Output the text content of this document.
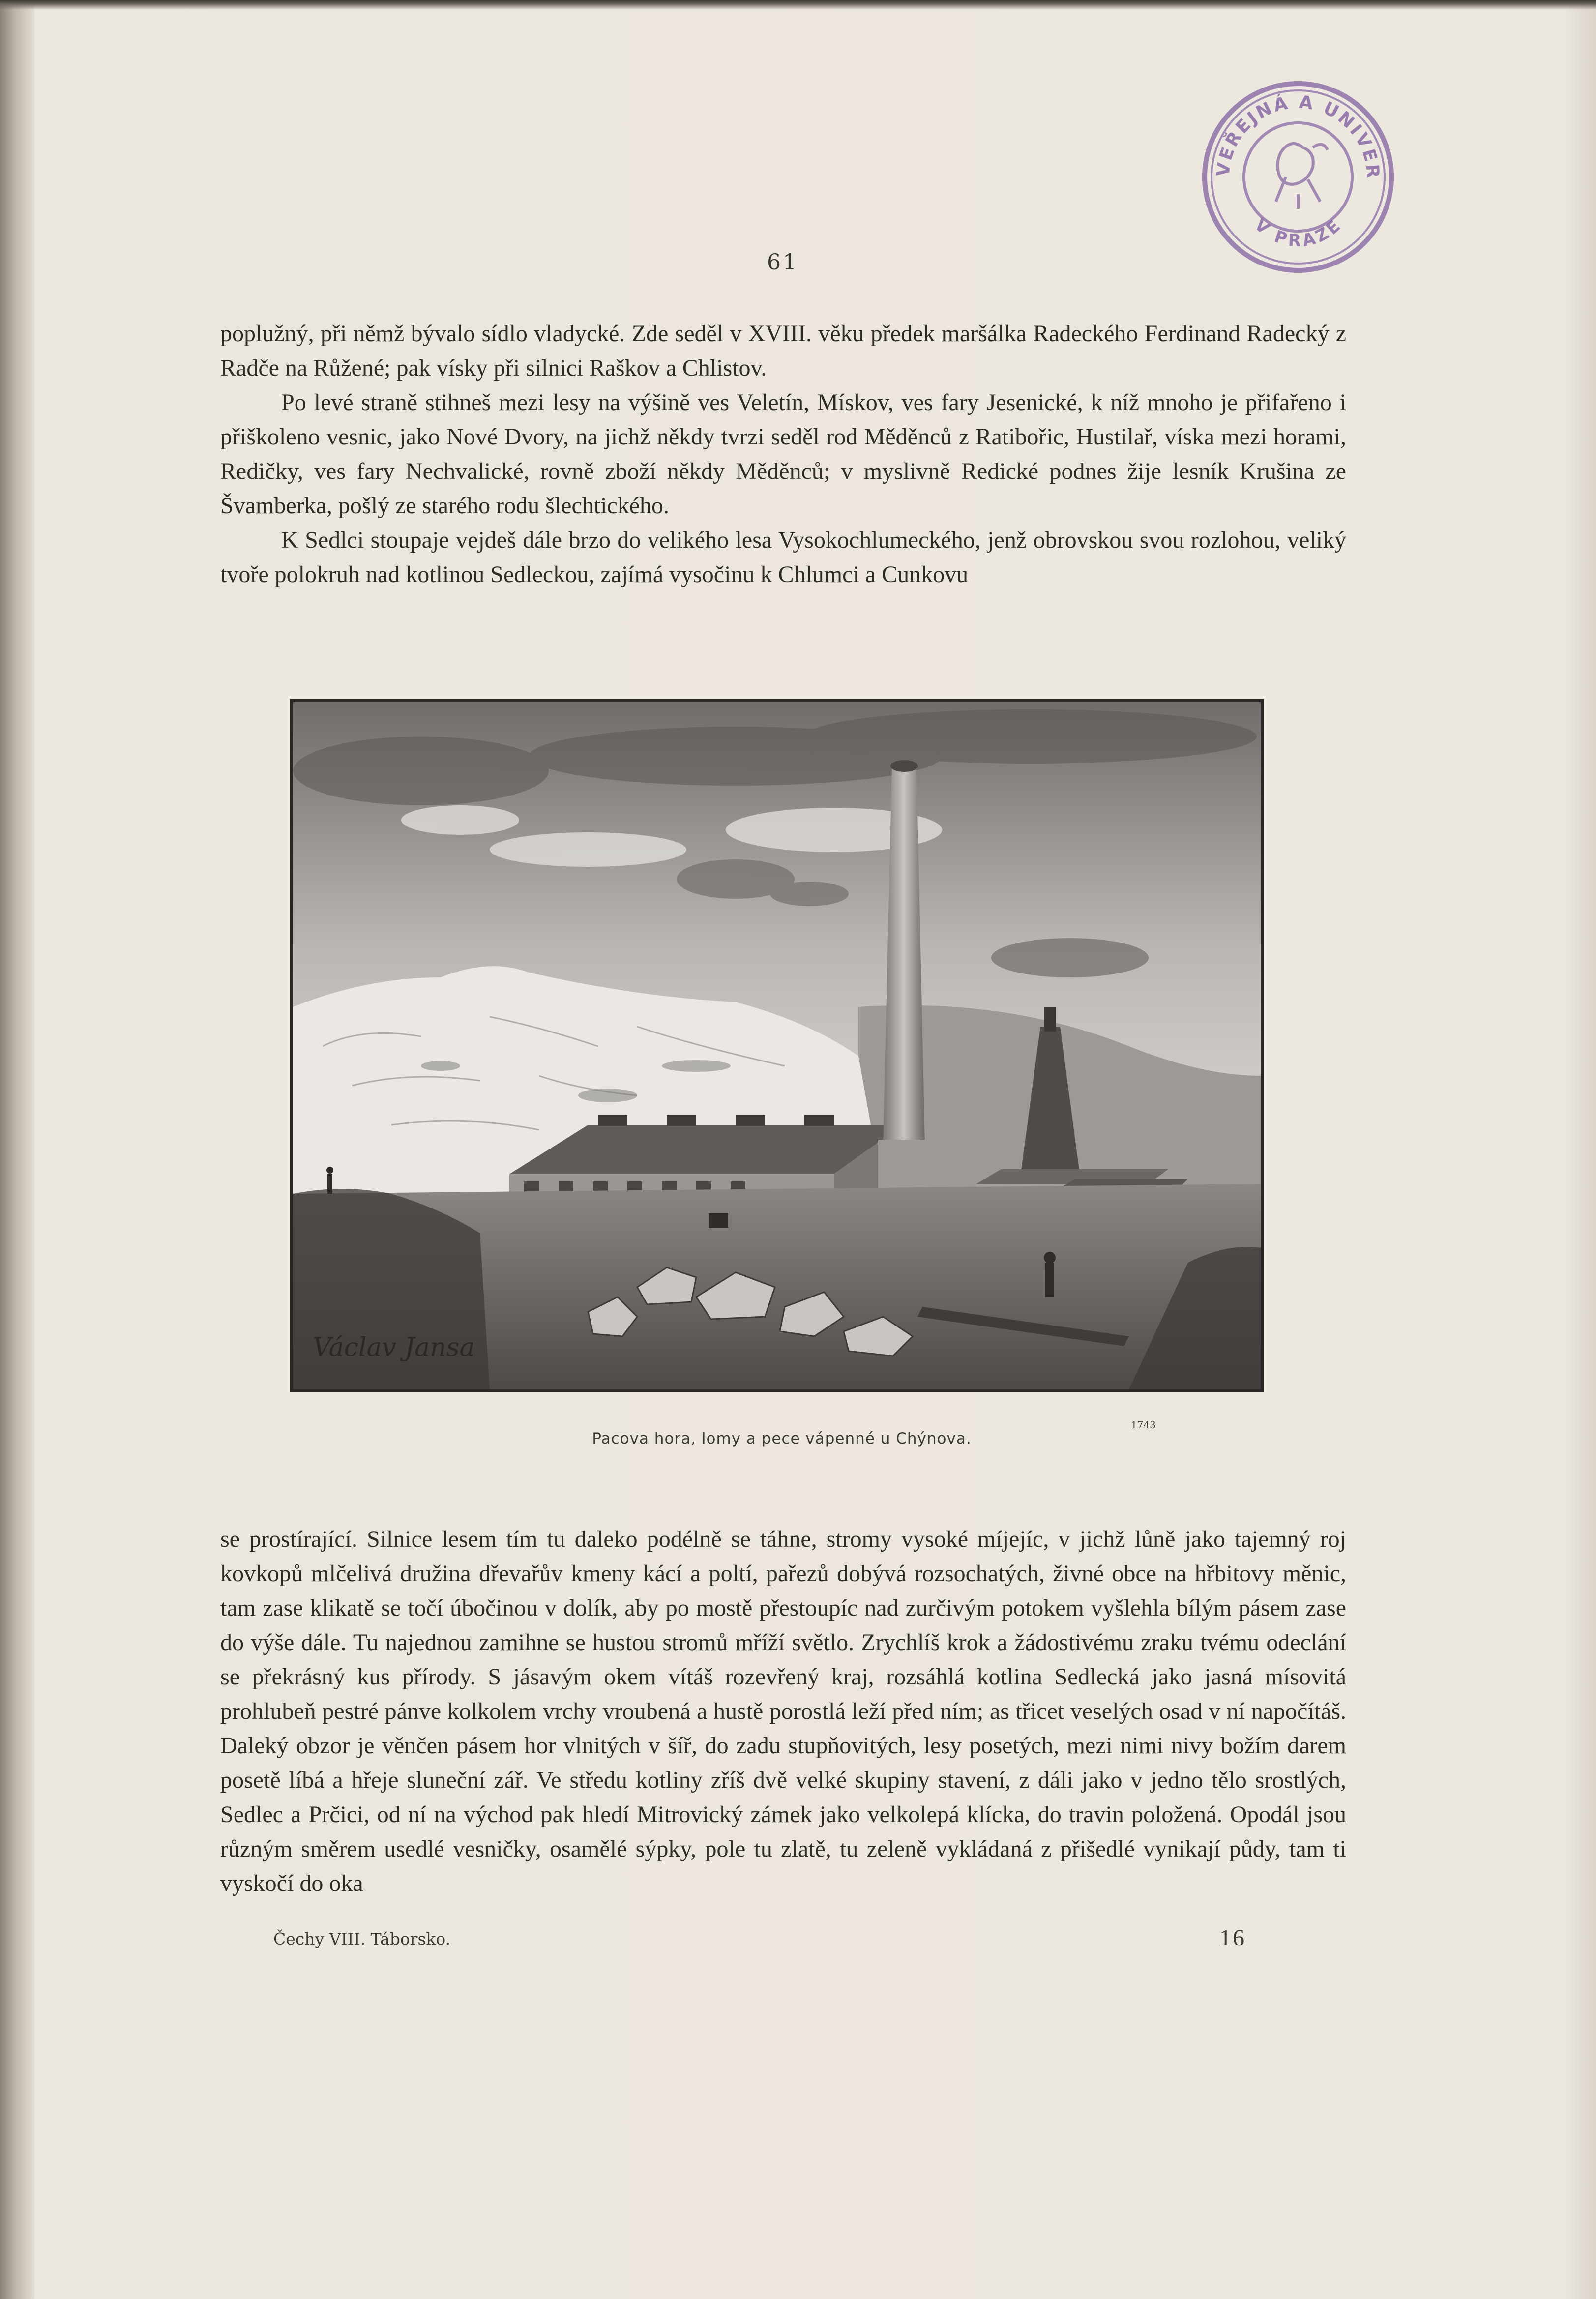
VEŘEJNÁ A UNIVER
V PRAZE
61

poplužný, při němž bývalo sídlo vladycké. Zde seděl v XVIII. věku předek maršálka Radeckého Ferdinand Radecký z Radče na Růžené; pak vísky při silnici Raškov a Chlistov.

Po levé straně stihneš mezi lesy na výšině ves Veletín, Mískov, ves fary Jesenické, k níž mnoho je přifařeno i přiškoleno vesnic, jako Nové Dvory, na jichž někdy tvrzi seděl rod Měděnců z Ratibořic, Hustilař, víska mezi horami, Redičky, ves fary Nechvalické, rovně zboží někdy Měděnců; v myslivně Redické podnes žije lesník Krušina ze Švamberka, pošlý ze starého rodu šlechtického.

K Sedlci stoupaje vejdeš dále brzo do velikého lesa Vysokochlumeckého, jenž obrovskou svou rozlohou, veliký tvoře polokruh nad kotlinou Sedleckou, zajímá vysočinu k Chlumci a Cunkovu

Václav Jansa
Pacova hora, lomy a pece vápenné u Chýnova.
1743

se prostírající. Silnice lesem tím tu daleko podélně se táhne, stromy vysoké míjejíc, v jichž lůně jako tajemný roj kovkopů mlčelivá družina dřevařův kmeny kácí a poltí, pařezů dobývá rozsochatých, živné obce na hřbitovy měnic, tam zase klikatě se točí úbočinou v dolík, aby po mostě přestoupíc nad zurčivým potokem vyšlehla bílým pásem zase do výše dále. Tu najednou zamihne se hustou stromů mříží světlo. Zrychlíš krok a žádostivému zraku tvému odeclání se překrásný kus přírody. S jásavým okem vítáš rozevřený kraj, rozsáhlá kotlina Sedlecká jako jasná mísovitá prohlubeň pestré pánve kolkolem vrchy vroubená a hustě porostlá leží před ním; as třicet veselých osad v ní napočítáš. Daleký obzor je věnčen pásem hor vlnitých v šíř, do zadu stupňovitých, lesy posetých, mezi nimi nivy božím darem posetě líbá a hřeje sluneční zář. Ve středu kotliny zříš dvě velké skupiny stavení, z dáli jako v jedno tělo srostlých, Sedlec a Prčici, od ní na východ pak hledí Mitrovický zámek jako velkolepá klícka, do travin položená. Opodál jsou různým směrem usedlé vesničky, osamělé sýpky, pole tu zlatě, tu zeleně vykládaná z přišedlé vynikají půdy, tam ti vyskočí do oka

Čechy VIII. Táborsko.	16
